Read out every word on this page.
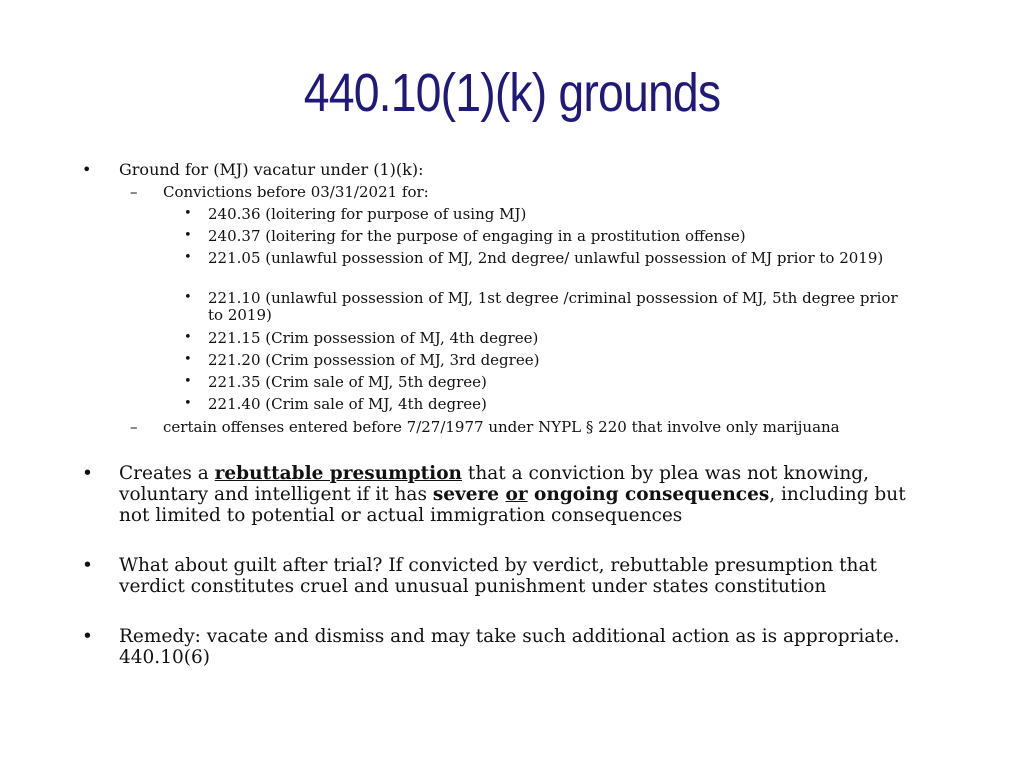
440.10(1)(k) grounds
• Ground for (MJ) vacatur under (1)(k):
– Convictions before 03/31/2021 for:
• 240.36 (loitering for purpose of using MJ)
• 240.37 (loitering for the purpose of engaging in a prostitution offense)
• 221.05 (unlawful possession of MJ, 2nd degree/ unlawful possession of MJ prior to 2019)
• 221.10 (unlawful possession of MJ, 1st degree /criminal possession of MJ, 5th degree prior to 2019)
• 221.15 (Crim possession of MJ, 4th degree)
• 221.20 (Crim possession of MJ, 3rd degree)
• 221.35 (Crim sale of MJ, 5th degree)
• 221.40 (Crim sale of MJ, 4th degree)
– certain offenses entered before 7/27/1977 under NYPL § 220 that involve only marijuana
• Creates a rebuttable presumption that a conviction by plea was not knowing, voluntary and intelligent if it has severe or ongoing consequences, including but not limited to potential or actual immigration consequences
• What about guilt after trial? If convicted by verdict, rebuttable presumption that verdict constitutes cruel and unusual punishment under states constitution
• Remedy: vacate and dismiss and may take such additional action as is appropriate. 440.10(6)
